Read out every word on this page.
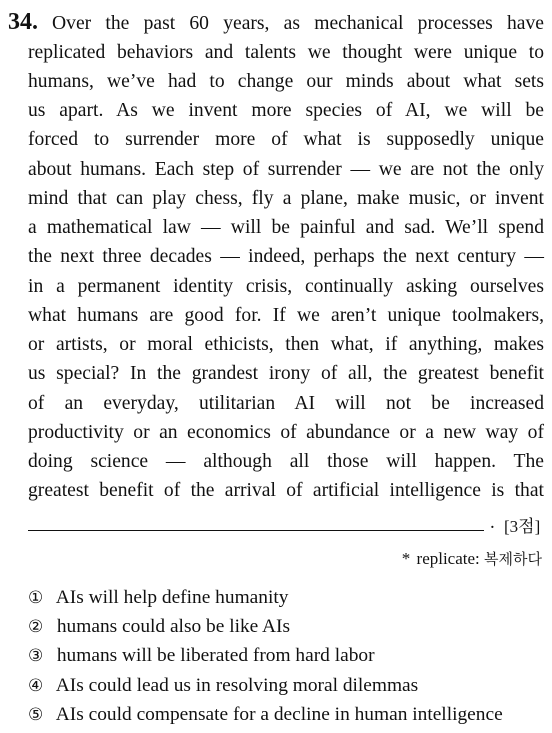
34. Over the past 60 years, as mechanical processes have
replicated behaviors and talents we thought were unique to
humans, we’ve had to change our minds about what sets
us apart. As we invent more species of AI, we will be
forced to surrender more of what is supposedly unique
about humans. Each step of surrender — we are not the only
mind that can play chess, fly a plane, make music, or invent
a mathematical law — will be painful and sad. We’ll spend
the next three decades — indeed, perhaps the next century —
in a permanent identity crisis, continually asking ourselves
what humans are good for. If we aren’t unique toolmakers,
or artists, or moral ethicists, then what, if anything, makes
us special? In the grandest irony of all, the greatest benefit
of an everyday, utilitarian AI will not be increased
productivity or an economics of abundance or a new way of
doing science — although all those will happen. The
greatest benefit of the arrival of artificial intelligence is that
. [3점]
* replicate: 복제하다
① AIs will help define humanity
② humans could also be like AIs
③ humans will be liberated from hard labor
④ AIs could lead us in resolving moral dilemmas
⑤ AIs could compensate for a decline in human intelligence
